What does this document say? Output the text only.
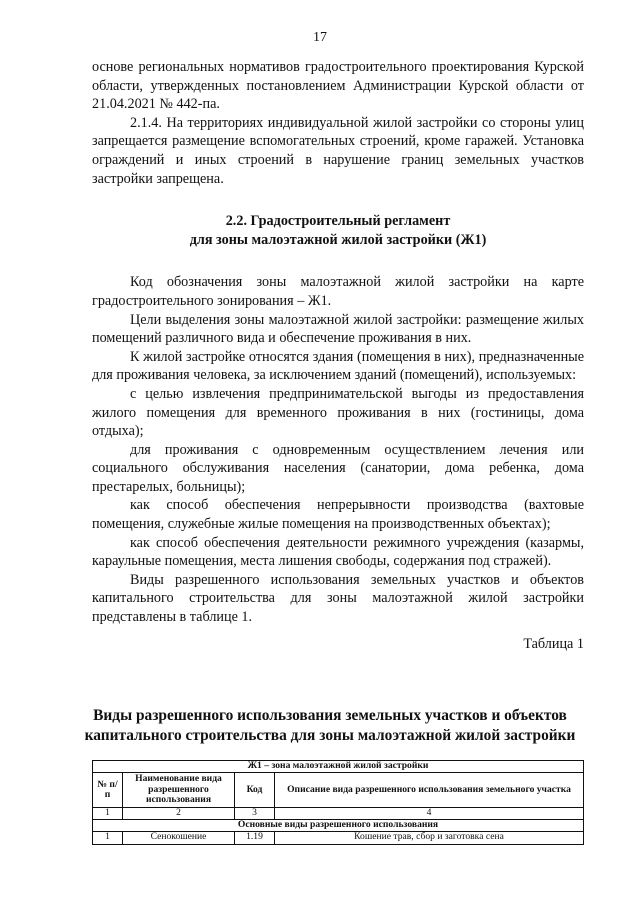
17

основе региональных нормативов градостроительного проектирования Курской области, утвержденных постановлением Администрации Курской области от 21.04.2021 № 442-па.

2.1.4. На территориях индивидуальной жилой застройки со стороны улиц запрещается размещение вспомогательных строений, кроме гаражей. Установка ограждений и иных строений в нарушение границ земельных участков застройки запрещена.

2.2. Градостроительный регламент
для зоны малоэтажной жилой застройки (Ж1)

Код обозначения зоны малоэтажной жилой застройки на карте градостроительного зонирования – Ж1.

Цели выделения зоны малоэтажной жилой застройки: размещение жилых помещений различного вида и обеспечение проживания в них.

К жилой застройке относятся здания (помещения в них), предназначенные для проживания человека, за исключением зданий (помещений), используемых:

с целью извлечения предпринимательской выгоды из предоставления жилого помещения для временного проживания в них (гостиницы, дома отдыха);

для проживания с одновременным осуществлением лечения или социального обслуживания населения (санатории, дома ребенка, дома престарелых, больницы);

как способ обеспечения непрерывности производства (вахтовые помещения, служебные жилые помещения на производственных объектах);

как способ обеспечения деятельности режимного учреждения (казармы, караульные помещения, места лишения свободы, содержания под стражей).

Виды разрешенного использования земельных участков и объектов капитального строительства для зоны малоэтажной жилой застройки представлены в таблице 1.

Таблица 1

Виды разрешенного использования земельных участков и объектов
капитального строительства для зоны малоэтажной жилой застройки
Ж1 – зона малоэтажной жилой застройки			
№ п/п	Наименование вида разрешенного использования	Код	Описание вида разрешенного использования земельного участка
1	2	3	4
Основные виды разрешенного использования			
1	Сенокошение	1.19	Кошение трав, сбор и заготовка сена
